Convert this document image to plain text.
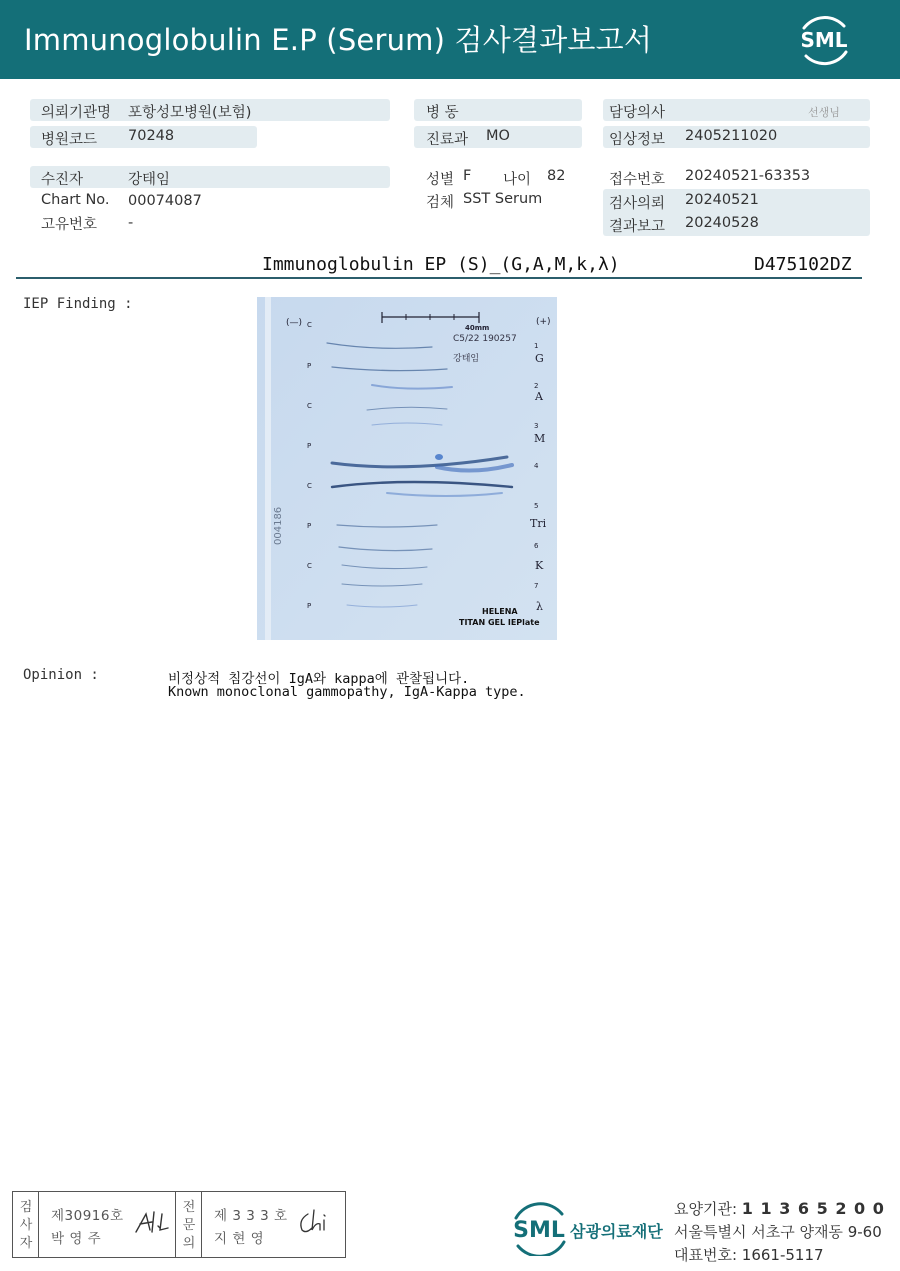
Immunoglobulin E.P (Serum) 검사결과보고서	SML
의뢰기관명 포항성모병원(보험)
병원코드 70248
수진자	강태임
Chart No. 00074087
고유번호 -
병 동
진료과 MO
성별 F 나이 82
검체 SST Serum
담당의사	선생님
임상정보 2405211020
접수번호 20240521-63353
검사의뢰 20240521
결과보고 20240528
Immunoglobulin EP (S)_(G,A,M,k,λ)	D475102DZ
IEP Finding :
40mm
C5/22 190257
강태임
(—)	(+)
C
P
C
P
C
P
C
P
1
G
2
A
3
M
4
5
Tri
6
K
7
λ
004186
HELENA
TITAN GEL IEPlate
Opinion :	비정상적 침강선이 IgA와 kappa에 관찰됩니다.
Known monoclonal gammopathy, IgA-Kappa type.
검
사
자
제30916호
박 영 주
전
문
의
제 3 3 3 호
지 현 영	SML 삼광의료재단
요양기관: 1 1 3 6 5 2 0 0
서울특별시 서초구 양재동 9-60
대표번호: 1661-5117
